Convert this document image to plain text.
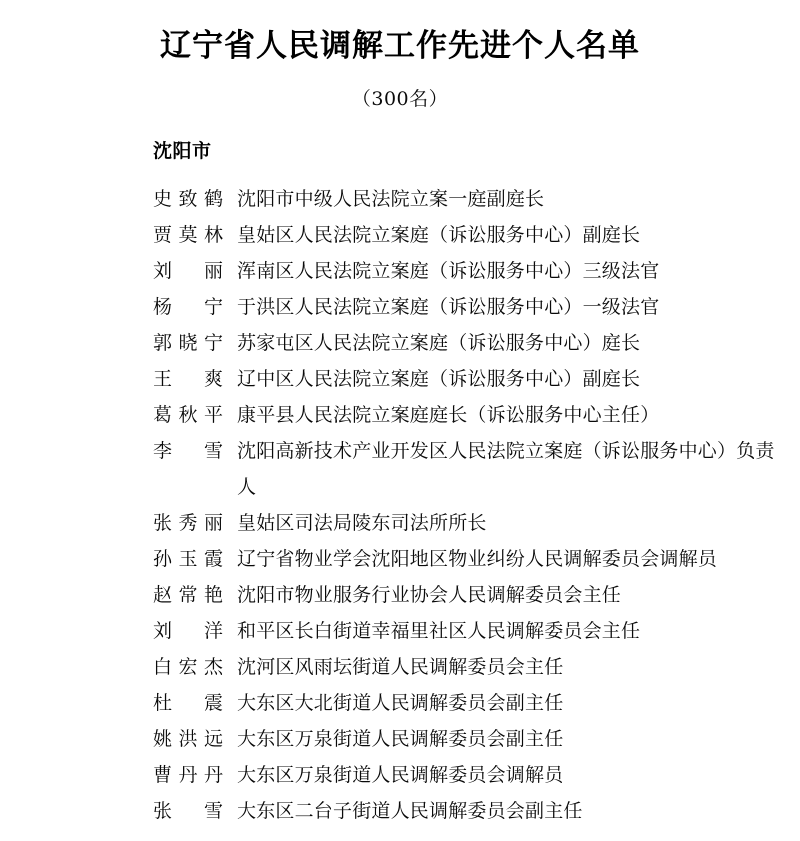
辽宁省人民调解工作先进个人名单
（300名）
沈阳市
史致鹤 沈阳市中级人民法院立案一庭副庭长
贾莫林 皇姑区人民法院立案庭（诉讼服务中心）副庭长
刘丽 浑南区人民法院立案庭（诉讼服务中心）三级法官
杨宁 于洪区人民法院立案庭（诉讼服务中心）一级法官
郭晓宁 苏家屯区人民法院立案庭（诉讼服务中心）庭长
王爽 辽中区人民法院立案庭（诉讼服务中心）副庭长
葛秋平 康平县人民法院立案庭庭长（诉讼服务中心主任）
李雪 沈阳高新技术产业开发区人民法院立案庭（诉讼服务中心）负责人
张秀丽 皇姑区司法局陵东司法所所长
孙玉霞 辽宁省物业学会沈阳地区物业纠纷人民调解委员会调解员
赵常艳 沈阳市物业服务行业协会人民调解委员会主任
刘洋 和平区长白街道幸福里社区人民调解委员会主任
白宏杰 沈河区风雨坛街道人民调解委员会主任
杜震 大东区大北街道人民调解委员会副主任
姚洪远 大东区万泉街道人民调解委员会副主任
曹丹丹 大东区万泉街道人民调解委员会调解员
张雪 大东区二台子街道人民调解委员会副主任
